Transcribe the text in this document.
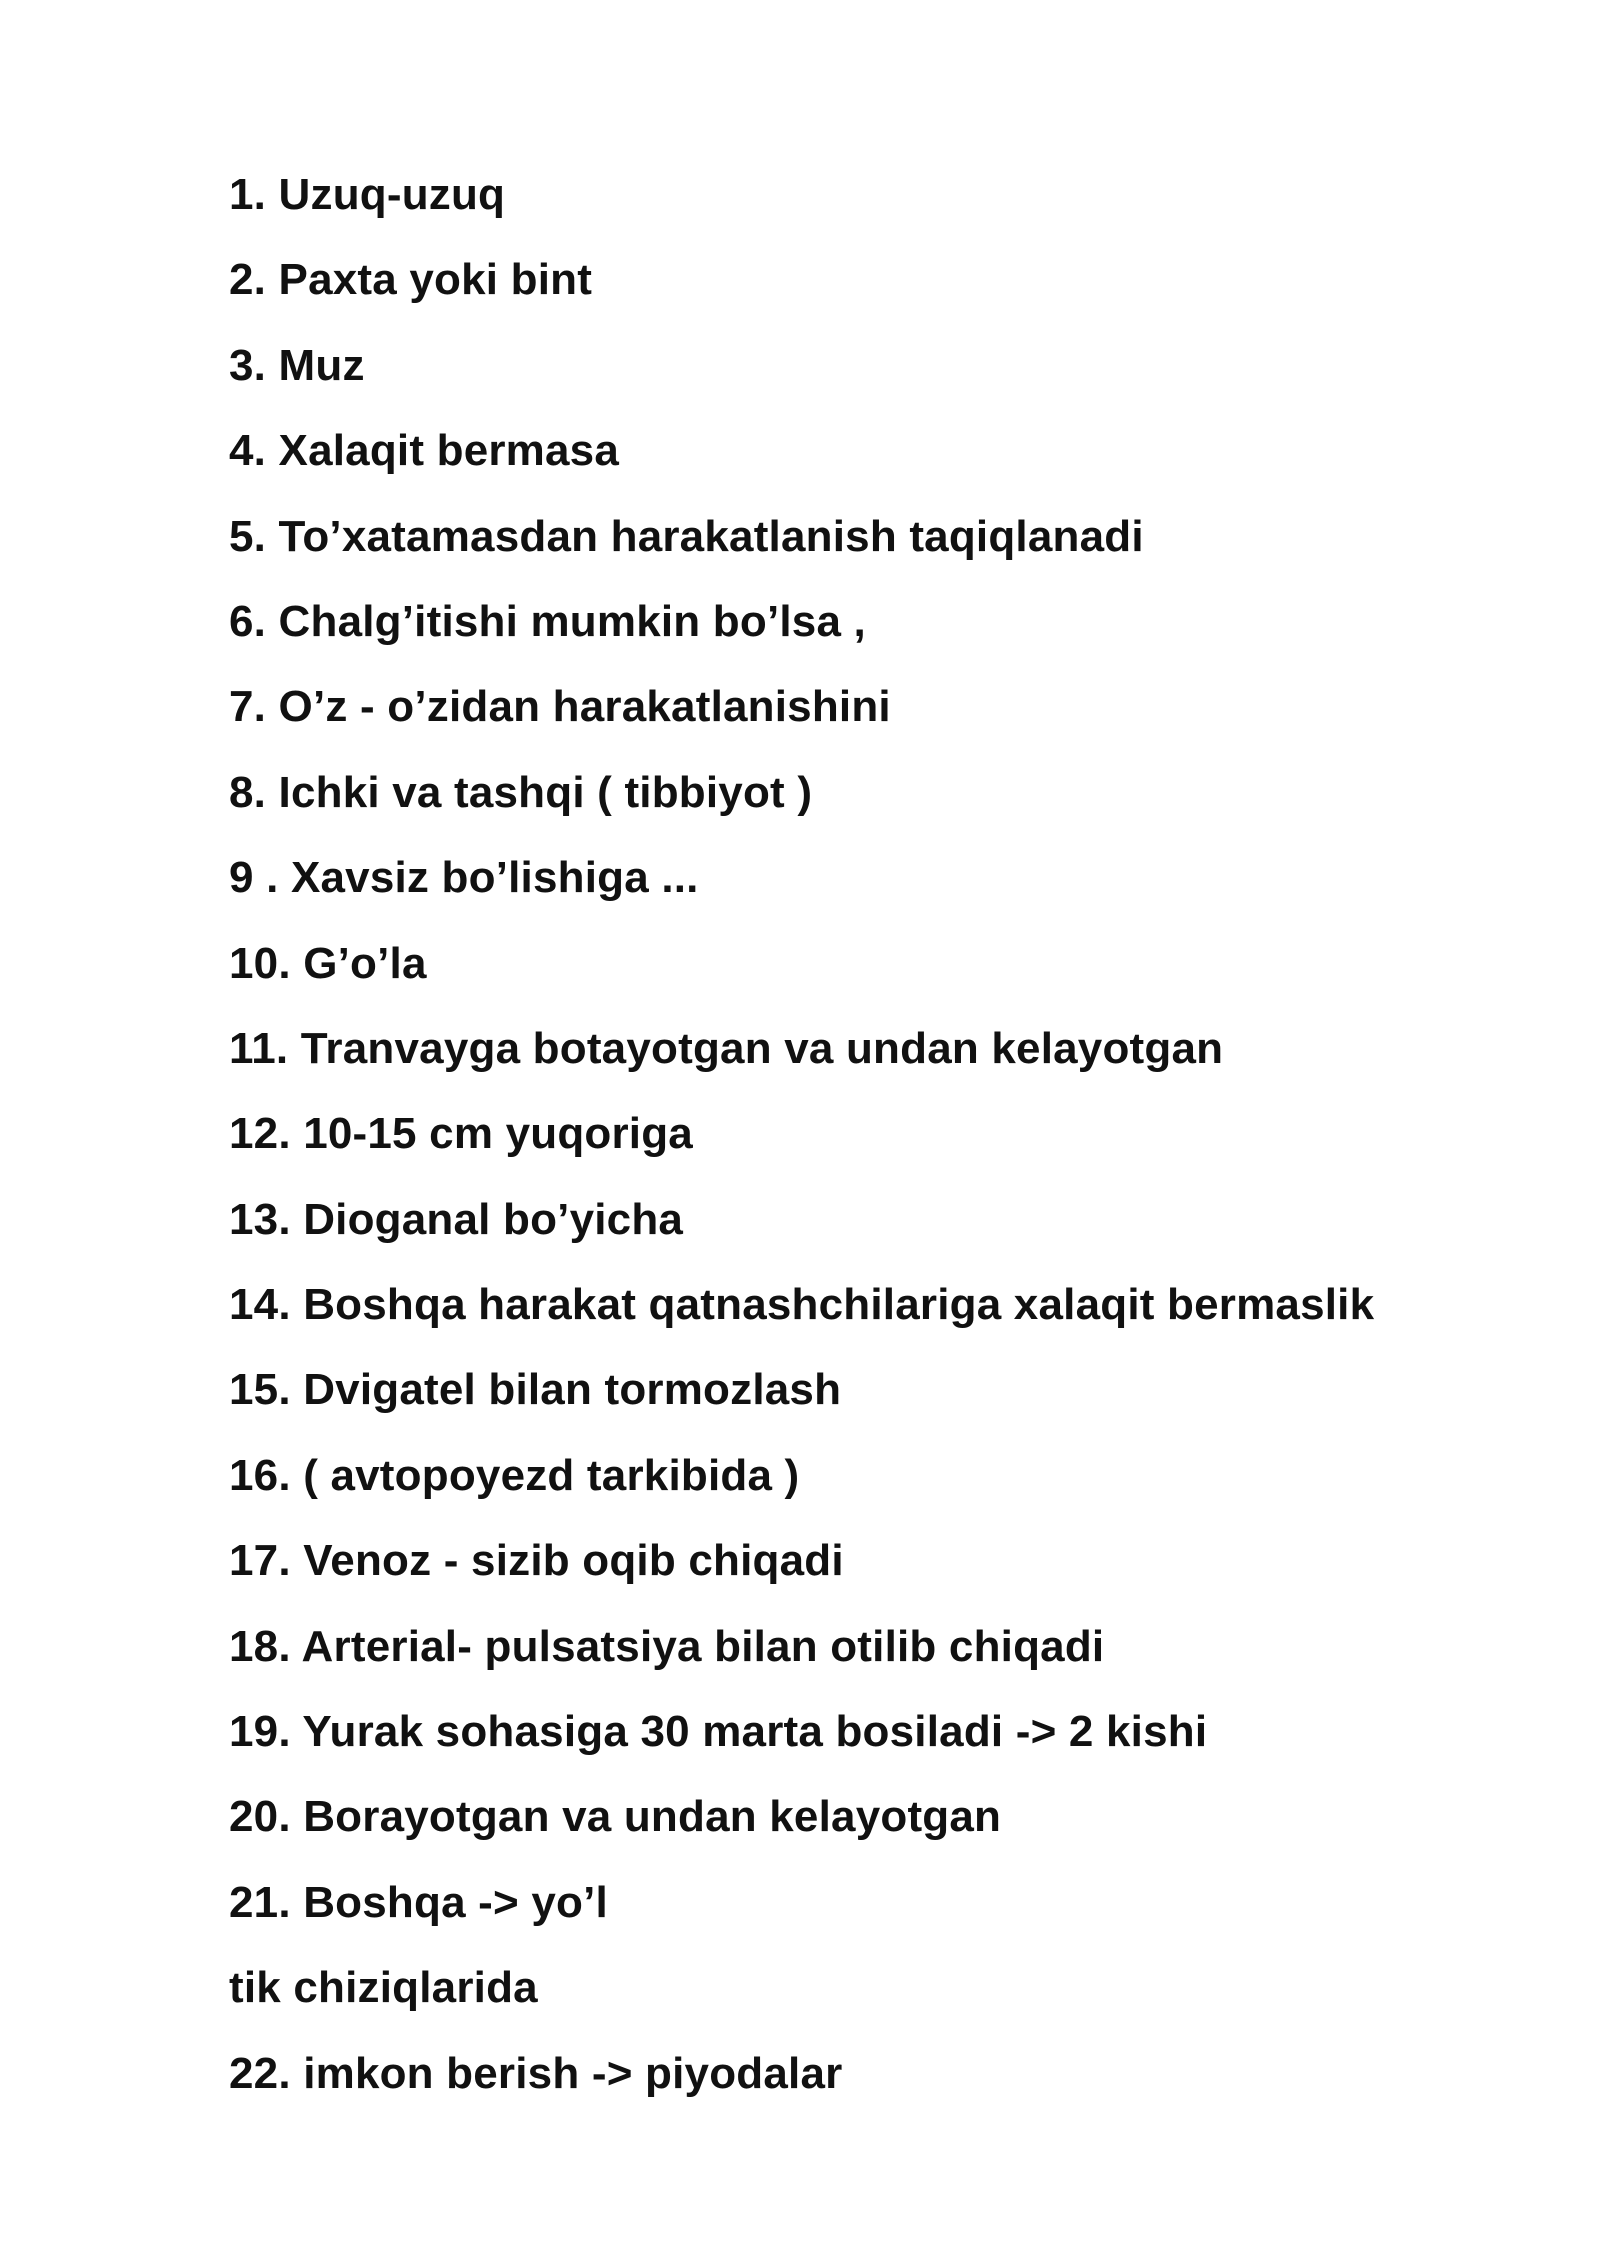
1. Uzuq-uzuq
2. Paxta yoki bint
3. Muz
4. Xalaqit bermasa
5. To’xatamasdan harakatlanish taqiqlanadi
6. Chalg’itishi mumkin bo’lsa ,
7. O’z - o’zidan harakatlanishini
8. Ichki va tashqi ( tibbiyot )
9 . Xavsiz bo’lishiga ...
10. G’o’la
11. Tranvayga botayotgan va undan kelayotgan
12. 10-15 cm yuqoriga
13. Dioganal bo’yicha
14. Boshqa harakat qatnashchilariga xalaqit bermaslik
15. Dvigatel bilan tormozlash
16. ( avtopoyezd tarkibida )
17. Venoz - sizib oqib chiqadi
18. Arterial- pulsatsiya bilan otilib chiqadi
19. Yurak sohasiga 30 marta bosiladi -> 2 kishi
20. Borayotgan va undan kelayotgan
21. Boshqa -> yo’l
tik chiziqlarida
22. imkon berish -> piyodalar
